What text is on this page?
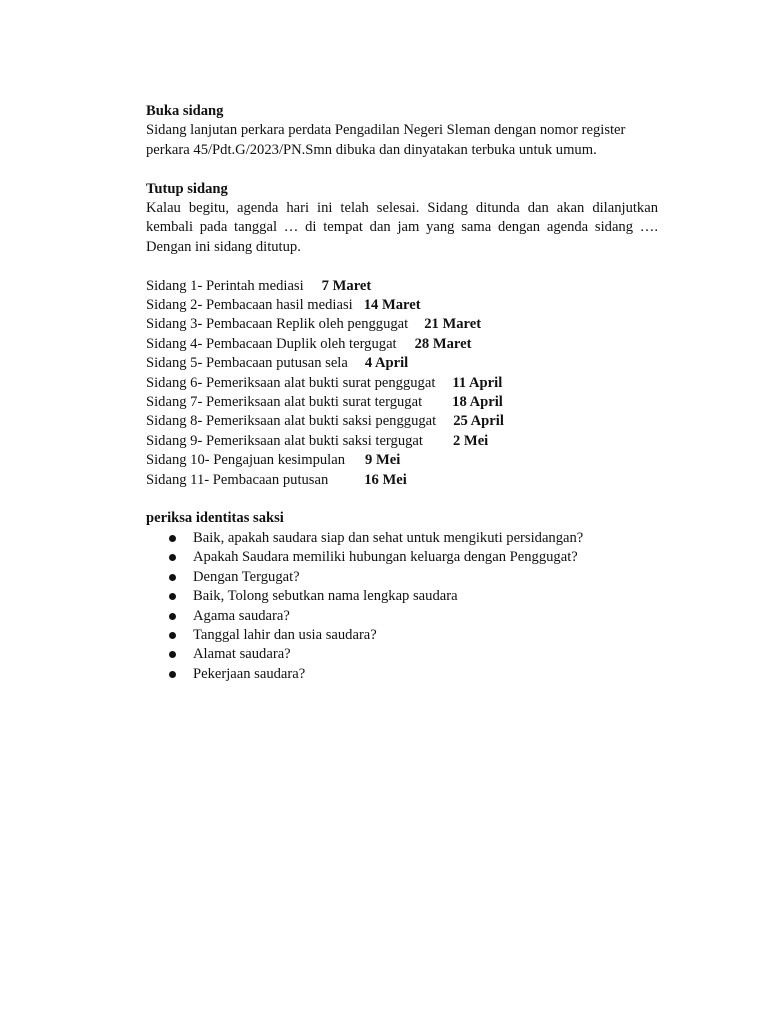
Buka sidang

Sidang lanjutan perkara perdata Pengadilan Negeri Sleman dengan nomor register

perkara 45/Pdt.G/2023/PN.Smn dibuka dan dinyatakan terbuka untuk umum.

Tutup sidang

Kalau begitu, agenda hari ini telah selesai. Sidang ditunda dan akan dilanjutkan

kembali pada tanggal … di tempat dan jam yang sama dengan agenda sidang ….

Dengan ini sidang ditutup.

Sidang 1- Perintah mediasi 7 Maret
Sidang 2- Pembacaan hasil mediasi 14 Maret
Sidang 3- Pembacaan Replik oleh penggugat 21 Maret
Sidang 4- Pembacaan Duplik oleh tergugat 28 Maret
Sidang 5- Pembacaan putusan sela 4 April
Sidang 6- Pemeriksaan alat bukti surat penggugat 11 April
Sidang 7- Pemeriksaan alat bukti surat tergugat 18 April
Sidang 8- Pemeriksaan alat bukti saksi penggugat 25 April
Sidang 9- Pemeriksaan alat bukti saksi tergugat 2 Mei
Sidang 10- Pengajuan kesimpulan 9 Mei
Sidang 11- Pembacaan putusan 16 Mei

periksa identitas saksi

Baik, apakah saudara siap dan sehat untuk mengikuti persidangan?
Apakah Saudara memiliki hubungan keluarga dengan Penggugat?
Dengan Tergugat?
Baik, Tolong sebutkan nama lengkap saudara
Agama saudara?
Tanggal lahir dan usia saudara?
Alamat saudara?
Pekerjaan saudara?
